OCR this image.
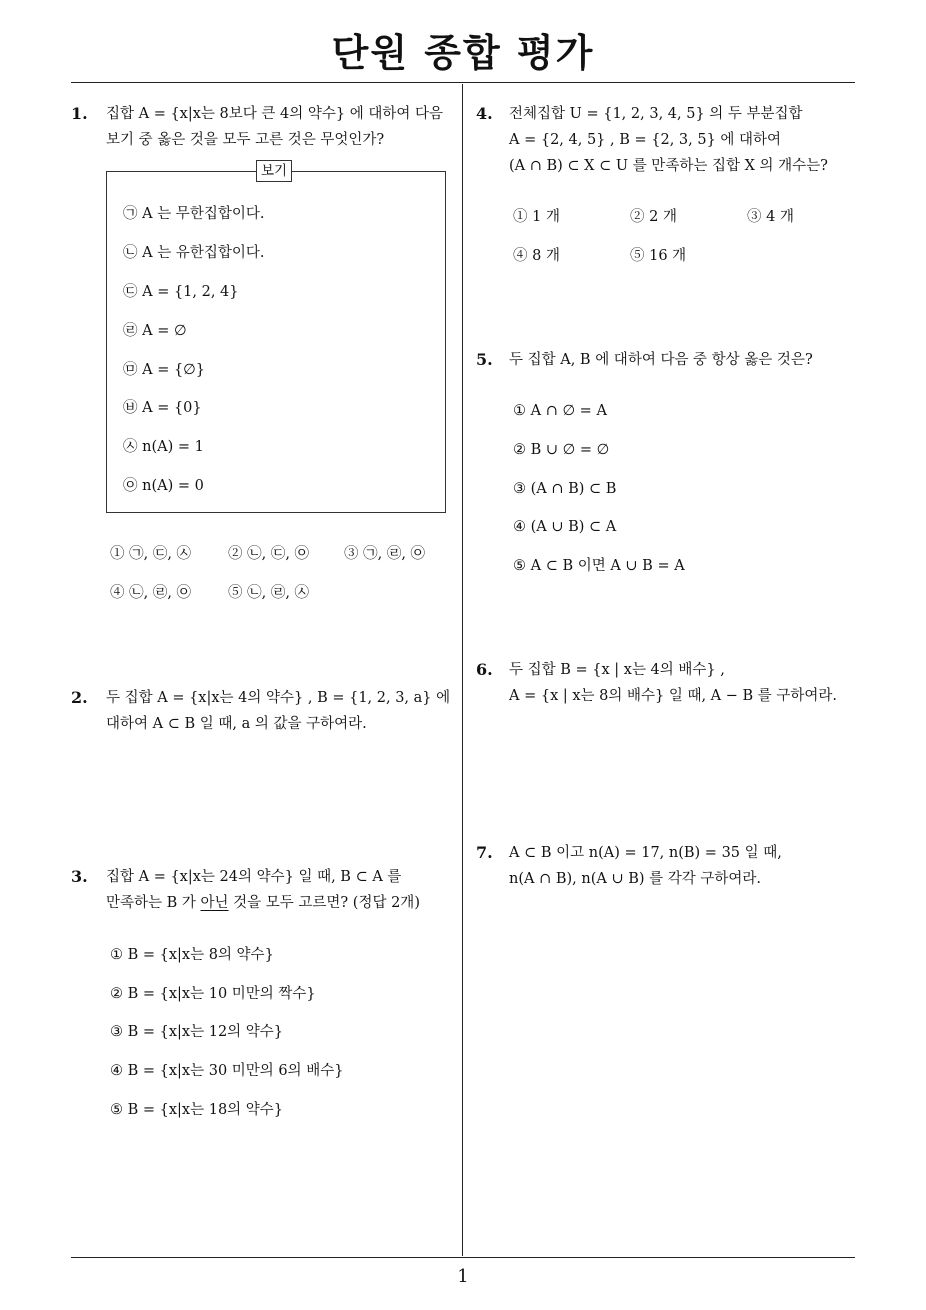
단원 종합 평가
1. 집합 A = {x|x는 8보다 큰 4의 약수} 에 대하여 다음
보기 중 옳은 것을 모두 고른 것은 무엇인가?
보기
㉠ A 는 무한집합이다.
㉡ A 는 유한집합이다.
㉢ A = {1, 2, 4}
㉣ A = ∅
㉤ A = {∅}
㉥ A = {0}
㉦ n(A) = 1
㉧ n(A) = 0
① ㉠, ㉢, ㉦	② ㉡, ㉢, ㉧ ③ ㉠, ㉣, ㉧
④ ㉡, ㉣, ㉧	⑤ ㉡, ㉣, ㉦
2. 두 집합 A = {x|x는 4의 약수} , B = {1, 2, 3, a} 에
대하여 A ⊂ B 일 때, a 의 값을 구하여라.
3. 집합 A = {x|x는 24의 약수} 일 때, B ⊂ A 를
만족하는 B 가 아닌 것을 모두 고르면? (정답 2개)
① B = {x|x는 8의 약수}
② B = {x|x는 10 미만의 짝수}
③ B = {x|x는 12의 약수}
④ B = {x|x는 30 미만의 6의 배수}
⑤ B = {x|x는 18의 약수}
4. 전체집합 U = {1, 2, 3, 4, 5} 의 두 부분집합
A = {2, 4, 5} , B = {2, 3, 5} 에 대하여
(A ∩ B) ⊂ X ⊂ U 를 만족하는 집합 X 의 개수는?
① 1 개	② 2 개	③ 4 개
④ 8 개	⑤ 16 개
5. 두 집합 A, B 에 대하여 다음 중 항상 옳은 것은?
① A ∩ ∅ = A
② B ∪ ∅ = ∅
③ (A ∩ B) ⊂ B
④ (A ∪ B) ⊂ A
⑤ A ⊂ B 이면 A ∪ B = A
6. 두 집합 B = {x | x는 4의 배수} ,
A = {x | x는 8의 배수} 일 때, A − B 를 구하여라.
7. A ⊂ B 이고 n(A) = 17, n(B) = 35 일 때,
n(A ∩ B), n(A ∪ B) 를 각각 구하여라.
1
